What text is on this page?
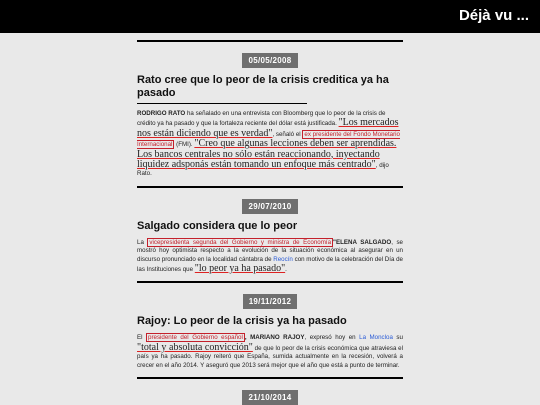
Déjà vu ...
05/05/2008
Rato cree que lo peor de la crisis creditica ya ha pasado
RODRIGO RATO ha señalado en una entrevista con Bloomberg que lo peor de la crisis de crédito ya ha pasado y que la fortaleza reciente del dólar está justificada. "Los mercados nos están diciendo que es verdad", señaló el ex presidente del Fondo Monetario Internacional (FMI). "Creo que algunas lecciones deben ser aprendidas. Los bancos centrales no sólo están reaccionando, inyectando liquidez adsponás están tomando un enfoque más centrado", dijo Rato.
29/07/2010
Salgado considera que lo peor
La vicepresidenta segunda del Gobierno y ministra de Economía "ELENA SALGADO, se mostró hoy optimista respecto a la evolución de la situación económica al asegurar en un discurso pronunciado en la localidad cántabra de Reocín con motivo de la celebración del Día de las Instituciones que "lo peor ya ha pasado".
19/11/2012
Rajoy: Lo peor de la crisis ya ha pasado
El presidente del Gobierno español , MARIANO RAJOY, expresó hoy en La Moncloa su "total y absoluta convicción" de que lo peor de la crisis económica que atraviesa el país ya ha pasado. Rajoy reiteró que España, sumida actualmente en la recesión, volverá a crecer en el año 2014. Y aseguró que 2013 será mejor que el año que está a punto de terminar.
21/10/2014
